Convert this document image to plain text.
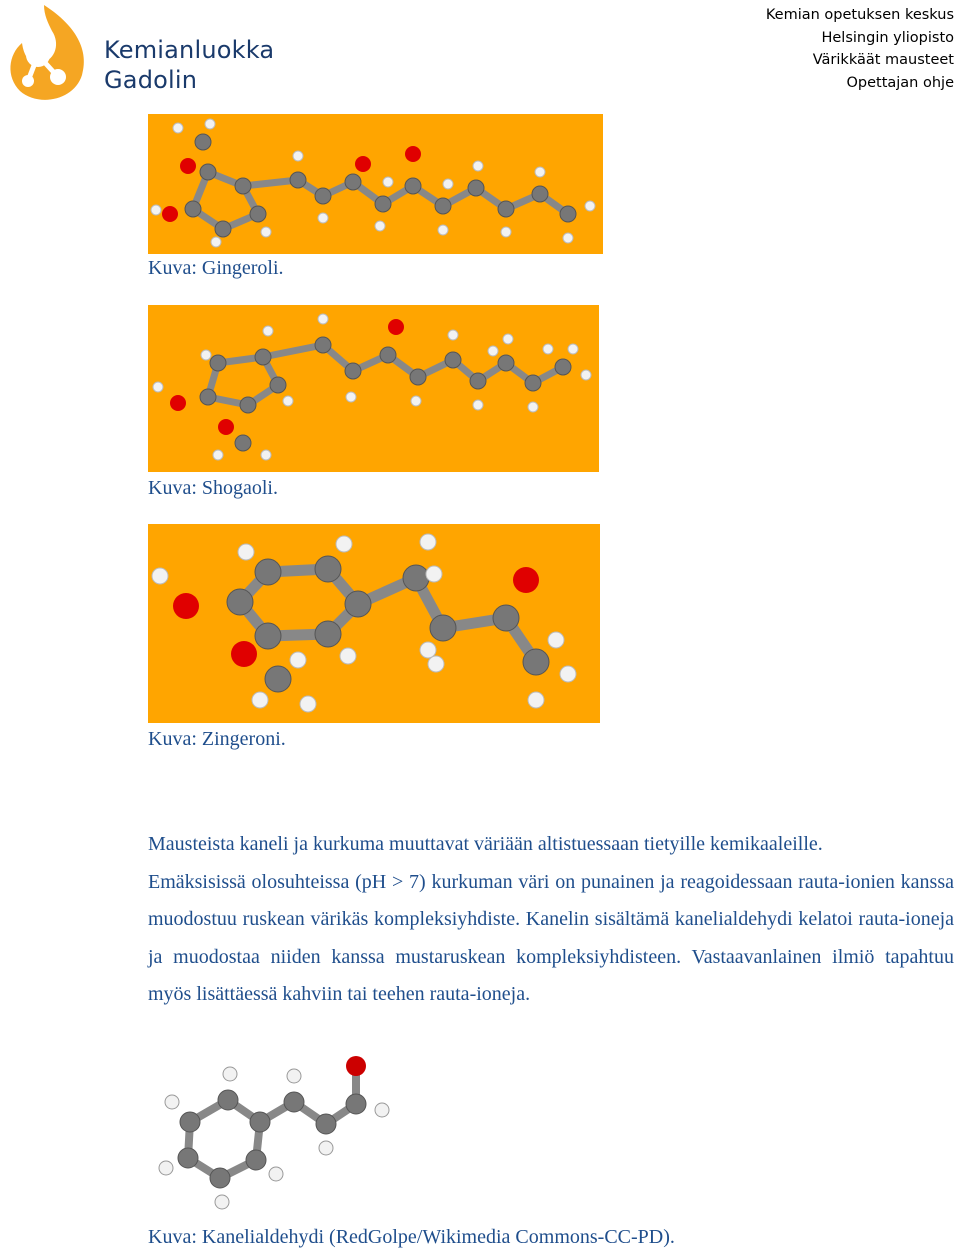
Kemianluokka
Gadolin
Kemian opetuksen keskus
Helsingin yliopisto
Värikkäät mausteet
Opettajan ohje
Kuva: Gingeroli.
Kuva: Shogaoli.
Kuva: Zingeroni.

Mausteista kaneli ja kurkuma muuttavat väriään altistuessaan tietyille kemikaaleille.

Emäksisissä olosuhteissa (pH > 7) kurkuman väri on punainen ja reagoidessaan rauta-ionien kanssa muodostuu ruskean värikäs kompleksiyhdiste. Kanelin sisältämä kanelialdehydi kelatoi rauta-ioneja ja muodostaa niiden kanssa mustaruskean kompleksiyhdisteen. Vastaavanlainen ilmiö tapahtuu myös lisättäessä kahviin tai teehen rauta-ioneja.

Kuva: Kanelialdehydi (RedGolpe/Wikimedia Commons-CC-PD).
